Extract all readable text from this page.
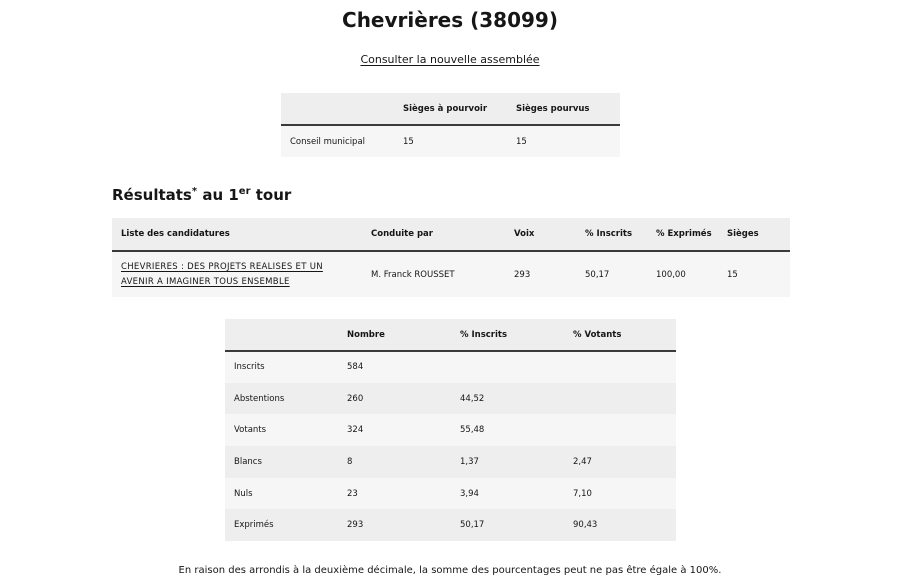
Chevrières (38099)
Consulter la nouvelle assemblée
	Sièges à pourvoir	Sièges pourvus
Conseil municipal	15	15
Résultats* au 1er tour
Liste des candidatures	Conduite par	Voix	% Inscrits	% Exprimés	Sièges
CHEVRIERES : DES PROJETS REALISES ET UN AVENIR A IMAGINER TOUS ENSEMBLE	M. Franck ROUSSET	293	50,17	100,00	15
	Nombre	% Inscrits	% Votants
Inscrits	584		
Abstentions	260	44,52	
Votants	324	55,48	
Blancs	8	1,37	2,47
Nuls	23	3,94	7,10
Exprimés	293	50,17	90,43

En raison des arrondis à la deuxième décimale, la somme des pourcentages peut ne pas être égale à 100%.
